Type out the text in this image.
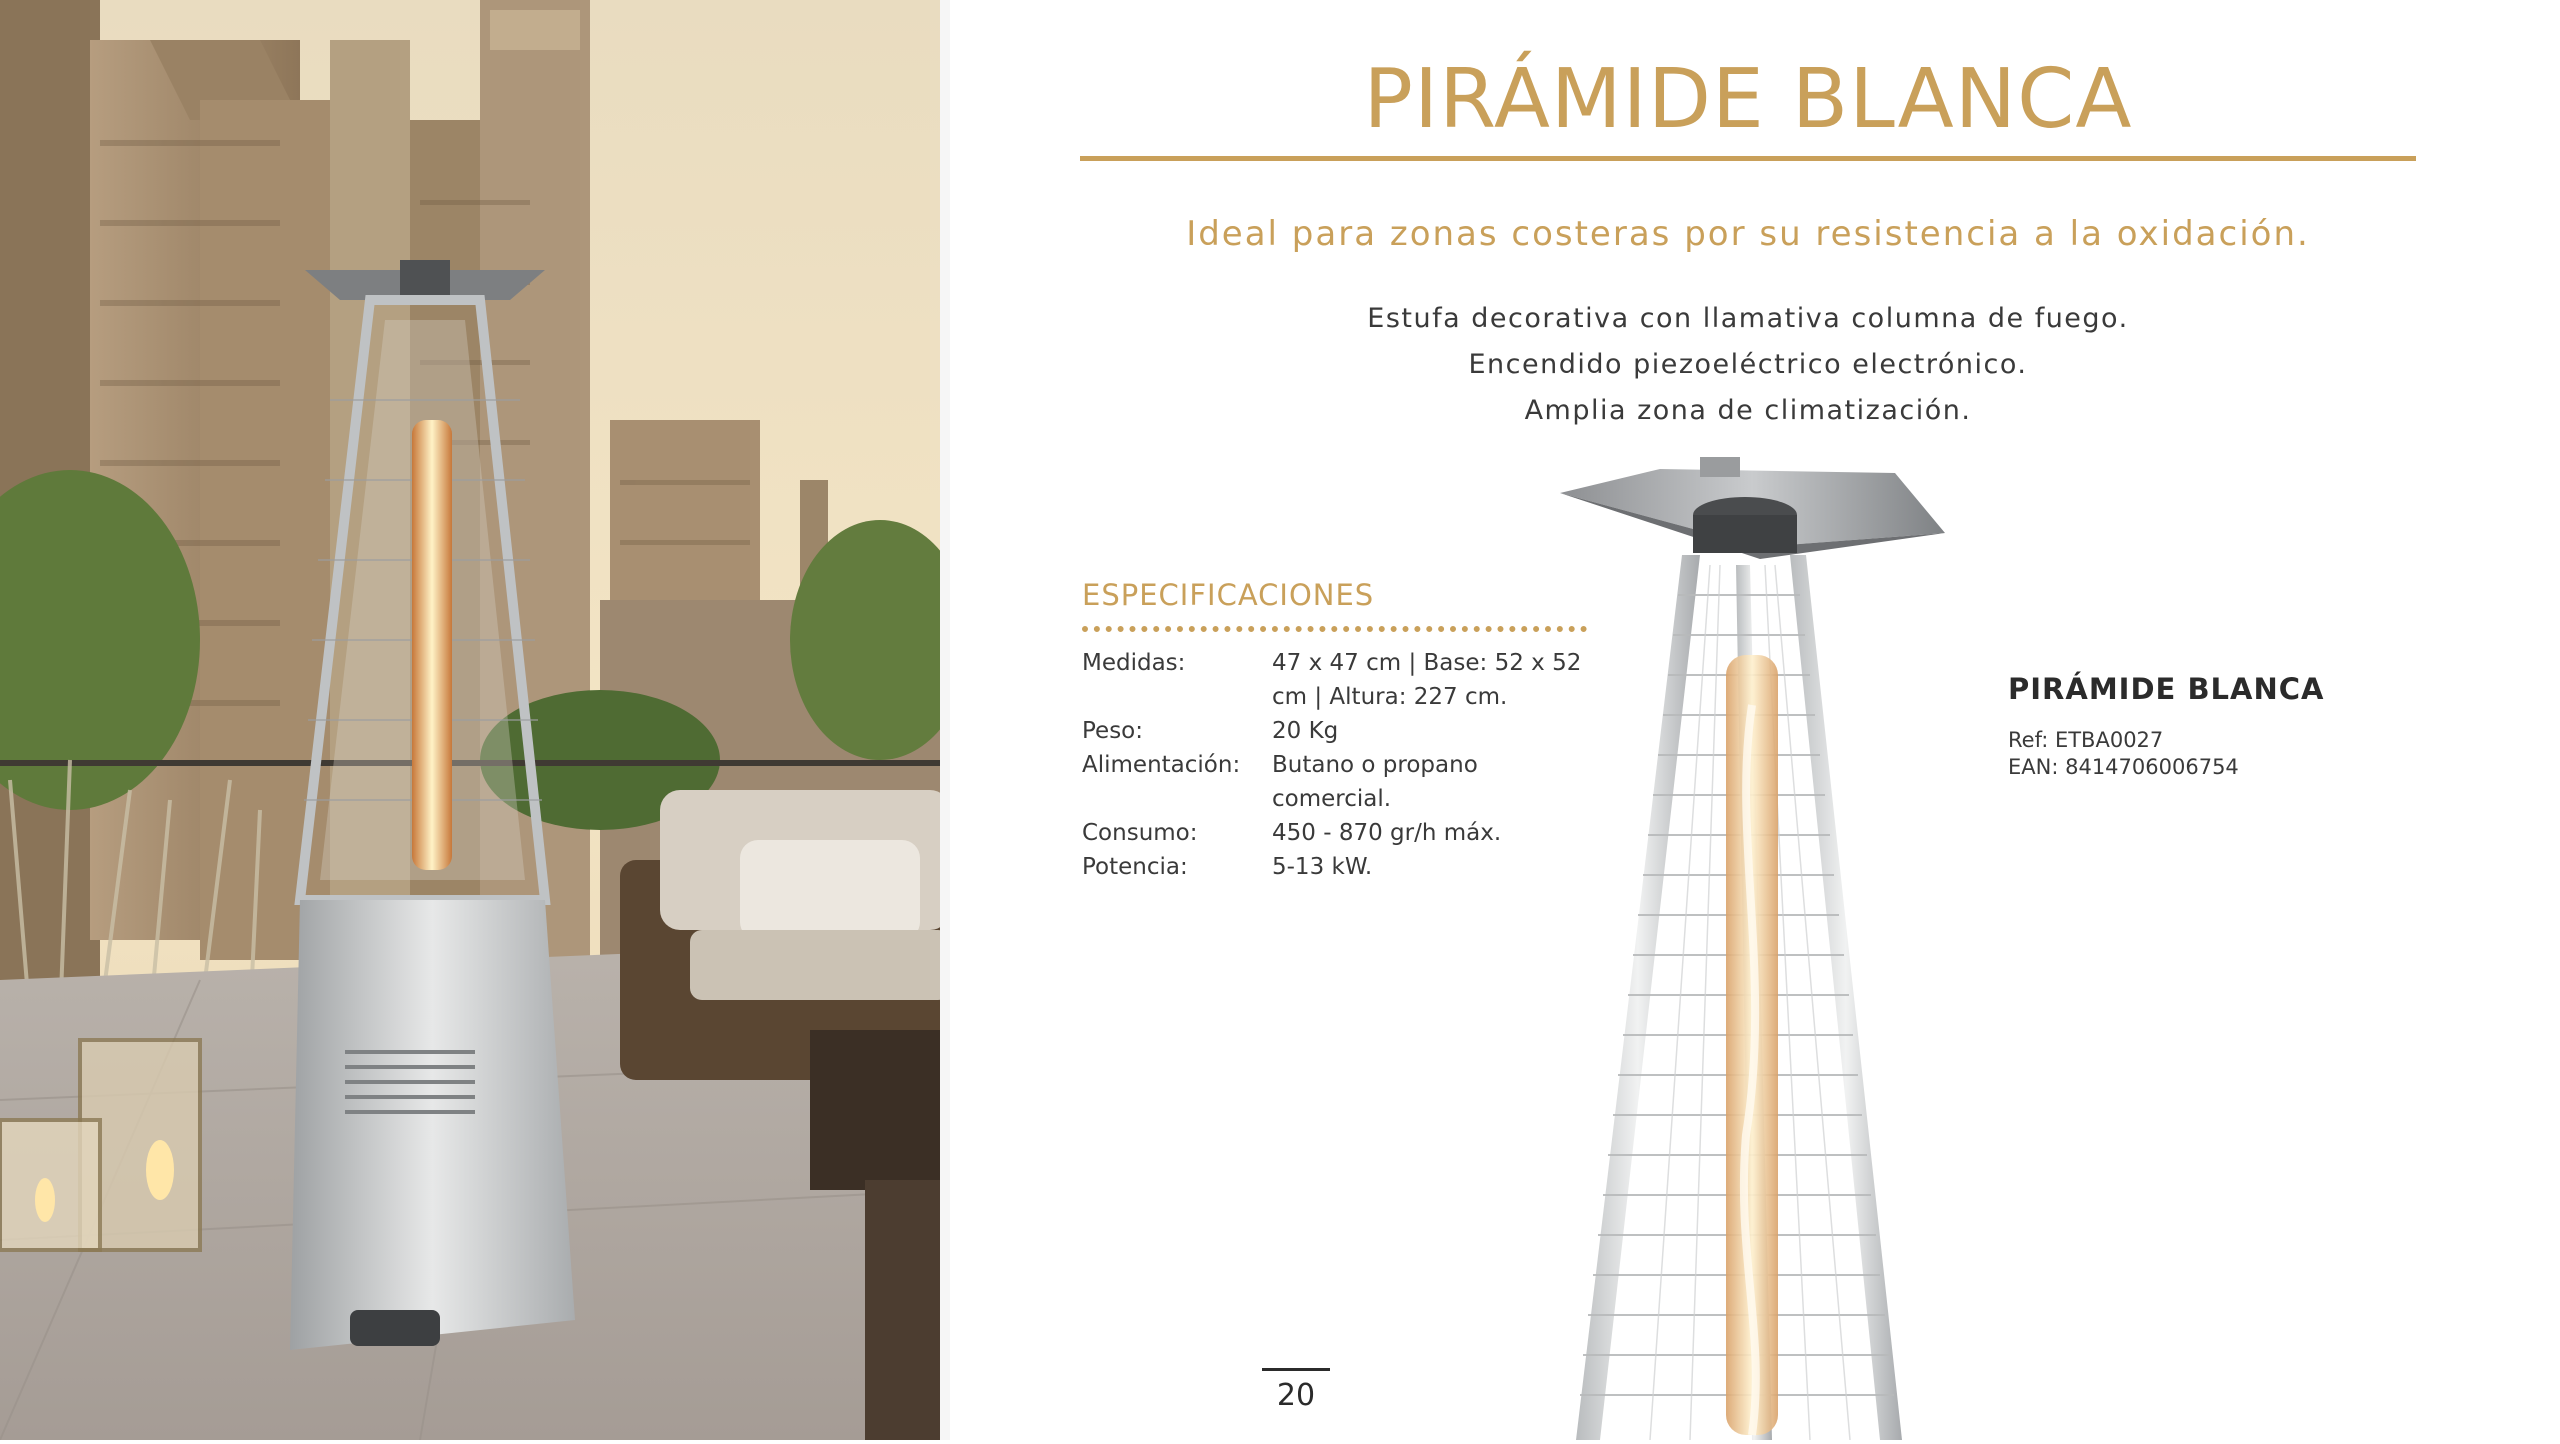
PIRÁMIDE BLANCA
Ideal para zonas costeras por su resistencia a la oxidación.
Estufa decorativa con llamativa columna de fuego.
Encendido piezoeléctrico electrónico.
Amplia zona de climatización.
ESPECIFICACIONES
Medidas:	47 x 47 cm | Base: 52 x 52 cm | Altura: 227 cm.
Peso:	20 Kg
Alimentación:	Butano o propano comercial.
Consumo:	450 - 870 gr/h máx.
Potencia:	5-13 kW.
PIRÁMIDE BLANCA
Ref: ETBA0027
EAN: 8414706006754
20
